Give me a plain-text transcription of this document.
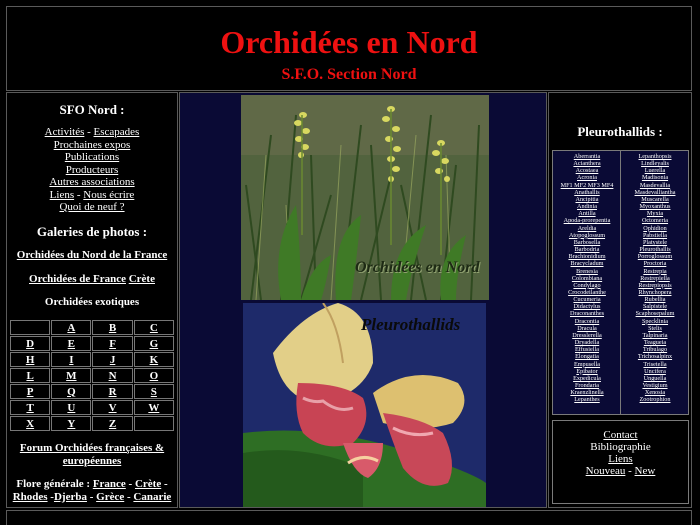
Orchidées en Nord
S.F.O. Section Nord
SFO Nord :
Activités - Escapades
Prochaines expos
Publications
Producteurs
Autres associations
Liens - Nous écrire
Quoi de neuf ?
Galeries de photos :
Orchidées du Nord de la France
Orchidées de France Crète
Orchidées exotiques
	A	B	C
D	E	F	G
H	I	J	K
L	M	N	O
P	Q	R	S
T	U	V	W
X	Y	Z	
Forum Orchidées françaises &
européennes
Flore générale : France - Crète -
Rhodes -Djerba - Grèce - Canarie
Orchidées en Nord
Pleurothallids
Pleurothallids :
Aberrantia
Acianthera
Acostaea
Acronia
MF1 MF2 MF3 MF4
Anathallis
Ancipitia
Andinia
Antilla
Apoda-prorepentia
Areldia
Atopoglossum
Barbosella
Barbodria
Brachionidium
Bracycladum
Brenesia
Colombiana
Condylago
Crocodeilanthe
Cucumeria
Didactylus
Draconanthes
Dracontia
Dracula
Dresslerella
Dryadella
Effusiella
Elongatia
Empusella
Epibator
Expedicula
Frondaria
Kraenzlinella
Lepanthes
Lepanthopsis
Lindleyalis
Luerella
Madisonia
Masdevallia
Masdevalliantha
Muscarella
Myoxanthus
Myxia
Octomeria
Ophidion
Pabstiella
Platystele
Pleurothallis
Porroglossum
Proctoria
Restrepia
Restrepiella
Restrepiopsis
Rhynchopera
Rubellia
Salpistele
Scaphosepalum
Specklinia
Stelis
Talpinaria
Teagueia
Tribulago
Trichosalpinx
Trisetella
Uncifera
Unguella
Vestigium
Xenosia
Zootrophion
Contact
Bibliographie
Liens
Nouveau - New
